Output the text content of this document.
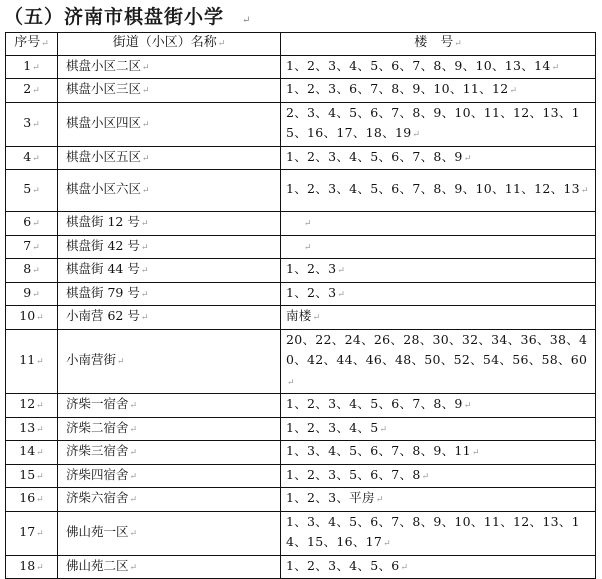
（五）济南市棋盘街小学 ↵
序号↵	街道（小区）名称↵	楼　号↵
1↵	棋盘小区二区↵	1、2、3、4、5、6、7、8、9、10、13、14↵
2↵	棋盘小区三区↵	1、2、3、6、7、8、9、10、11、12↵
3↵	棋盘小区四区↵	2、3、4、5、6、7、8、9、10、11、12、13、15、16、17、18、19↵
4↵	棋盘小区五区↵	1、2、3、4、5、6、7、8、9↵
5↵	棋盘小区六区↵	1、2、3、4、5、6、7、8、9、10、11、12、13↵
6↵	棋盘街 12 号↵	↵
7↵	棋盘街 42 号↵	↵
8↵	棋盘街 44 号↵	1、2、3↵
9↵	棋盘街 79 号↵	1、2、3↵
10↵	小南营 62 号↵	南楼↵
11↵	小南营街↵	20、22、24、26、28、30、32、34、36、38、40、42、44、46、48、50、52、54、56、58、60↵
12↵	济柴一宿舍↵	1、2、3、4、5、6、7、8、9↵
13↵	济柴二宿舍↵	1、2、3、4、5↵
14↵	济柴三宿舍↵	1、3、4、5、6、7、8、9、11↵
15↵	济柴四宿舍↵	1、2、3、5、6、7、8↵
16↵	济柴六宿舍↵	1、2、3、平房↵
17↵	佛山苑一区↵	1、3、4、5、6、7、8、9、10、11、12、13、14、15、16、17↵
18↵	佛山苑二区↵	1、2、3、4、5、6↵
